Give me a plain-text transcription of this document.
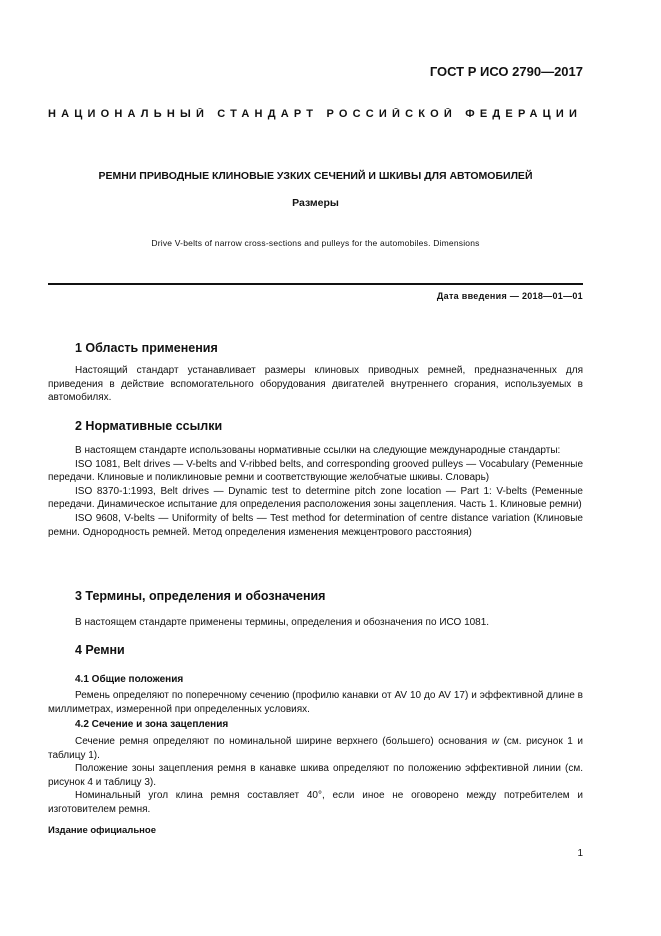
ГОСТ Р ИСО 2790—2017
НАЦИОНАЛЬНЫЙ СТАНДАРТ РОССИЙСКОЙ ФЕДЕРАЦИИ
РЕМНИ ПРИВОДНЫЕ КЛИНОВЫЕ УЗКИХ СЕЧЕНИЙ И ШКИВЫ ДЛЯ АВТОМОБИЛЕЙ
Размеры
Drive V-belts of narrow cross-sections and pulleys for the automobiles. Dimensions
Дата введения — 2018—01—01
1 Область применения

Настоящий стандарт устанавливает размеры клиновых приводных ремней, предназначенных для приведения в действие вспомогательного оборудования двигателей внутреннего сгорания, используемых в автомобилях.

2 Нормативные ссылки

В настоящем стандарте использованы нормативные ссылки на следующие международные стандарты:

ISO 1081, Belt drives — V-belts and V-ribbed belts, and corresponding grooved pulleys — Vocabulary (Ременные передачи. Клиновые и поликлиновые ремни и соответствующие желобчатые шкивы. Словарь)

ISO 8370-1:1993, Belt drives — Dynamic test to determine pitch zone location — Part 1: V-belts (Ременные передачи. Динамическое испытание для определения расположения зоны зацепления. Часть 1. Клиновые ремни)

ISO 9608, V-belts — Uniformity of belts — Test method for determination of centre distance variation (Клиновые ремни. Однородность ремней. Метод определения изменения межцентрового расстояния)

3 Термины, определения и обозначения

В настоящем стандарте применены термины, определения и обозначения по ИСО 1081.

4 Ремни
4.1 Общие положения

Ремень определяют по поперечному сечению (профилю канавки от AV 10 до AV 17) и эффективной длине в миллиметрах, измеренной при определенных условиях.

4.2 Сечение и зона зацепления

Сечение ремня определяют по номинальной ширине верхнего (большего) основания w (см. рисунок 1 и таблицу 1).

Положение зоны зацепления ремня в канавке шкива определяют по положению эффективной линии (см. рисунок 4 и таблицу 3).

Номинальный угол клина ремня составляет 40°, если иное не оговорено между потребителем и изготовителем ремня.

Издание официальное
1
